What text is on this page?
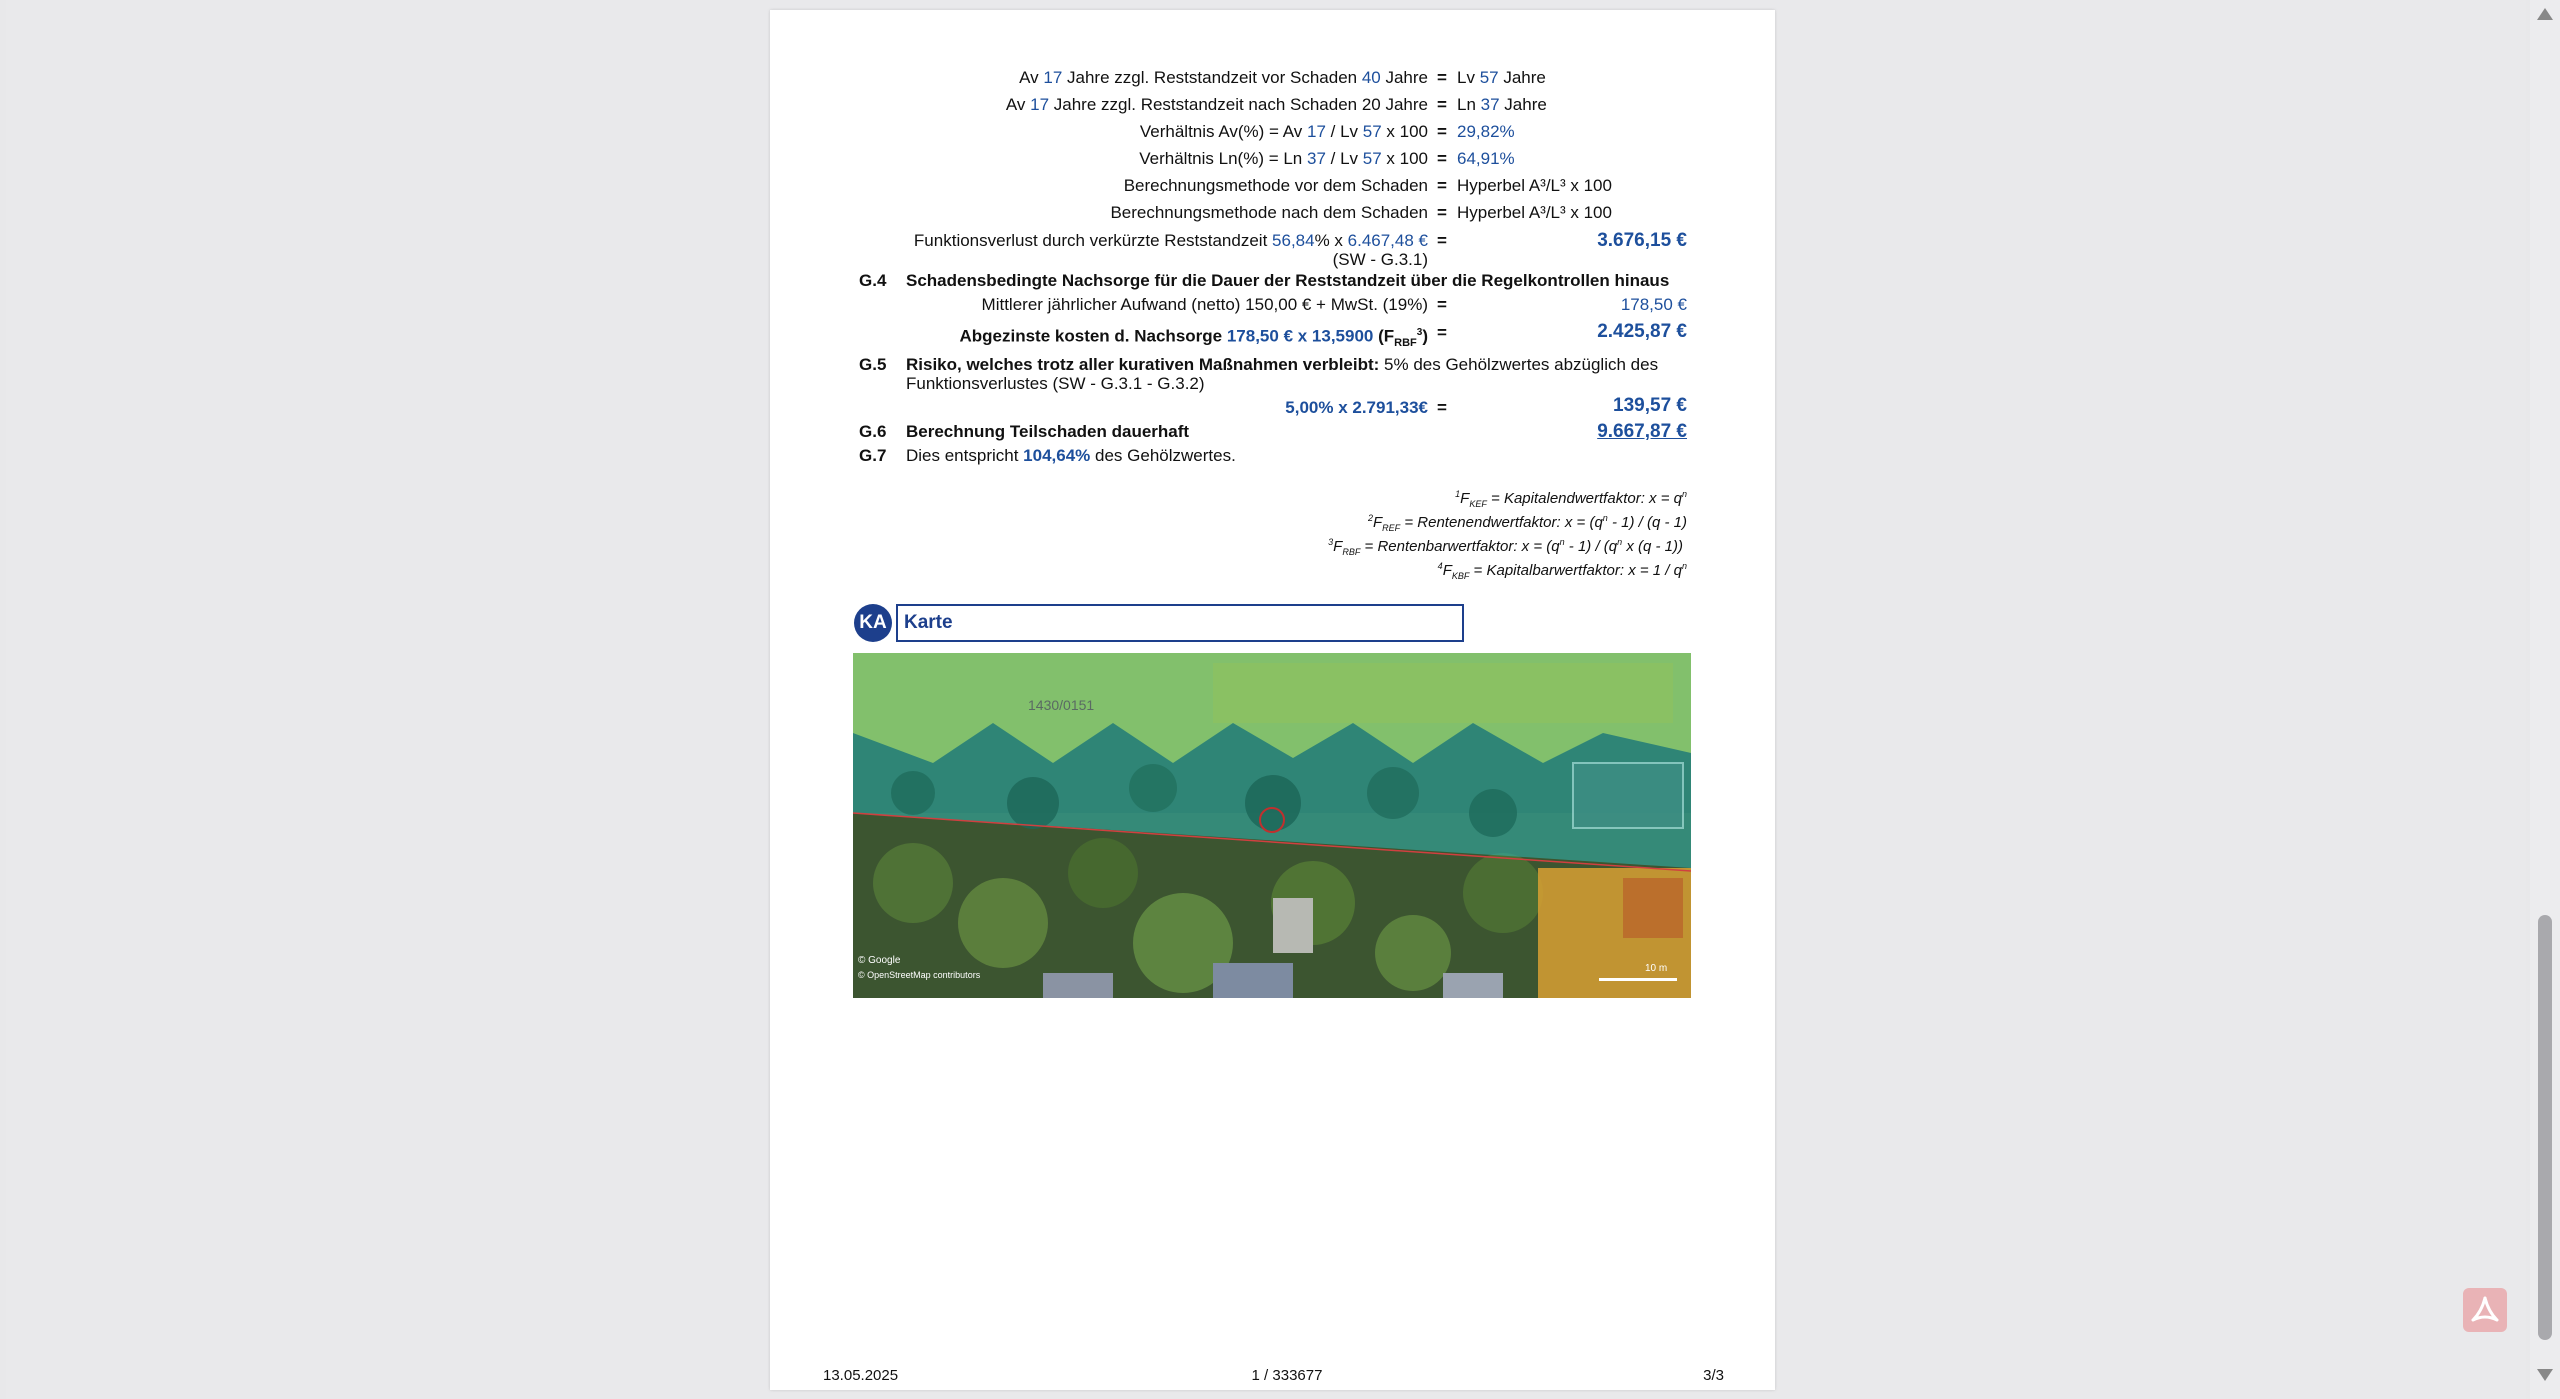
Av 17 Jahre zzgl. Reststandzeit vor Schaden 40 Jahre = Lv 57 Jahre
Av 17 Jahre zzgl. Reststandzeit nach Schaden 20 Jahre = Ln 37 Jahre
Verhältnis Av(%) = Av 17 / Lv 57 x 100 = 29,82%
Verhältnis Ln(%) = Ln 37 / Lv 57 x 100 = 64,91%
Berechnungsmethode vor dem Schaden = Hyperbel A³/L³ x 100
Berechnungsmethode nach dem Schaden = Hyperbel A³/L³ x 100
Funktionsverlust durch verkürzte Reststandzeit 56,84% x 6.467,48 €
(SW - G.3.1)
=	3.676,15 €
G.4 Schadensbedingte Nachsorge für die Dauer der Reststandzeit über die Regelkontrollen hinaus
Mittlerer jährlicher Aufwand (netto) 150,00 € + MwSt. (19%) =	178,50 €
Abgezinste kosten d. Nachsorge 178,50 € x 13,5900 $(F_{RBF}^3)$ =	2.425,87 €
G.5 Risiko, welches trotz aller kurativen Maßnahmen verbleibt: 5% des Gehölzwertes abzüglich des
Funktionsverlustes (SW - G.3.1 - G.3.2)
5,00% x 2.791,33€ =	139,57 €
G.6 Berechnung Teilschaden dauerhaft	9.667,87 €
G.7 Dies entspricht 104,64% des Gehölzwertes.
$^1F_{KEF}$ = Kapitalendwertfaktor: $x = q^n$
$^2F_{REF}$ = Rentenendwertfaktor: $x = (q^n - 1) / (q - 1)$
$^3F_{RBF}$ = Rentenbarwertfaktor: $x = (q^n - 1) / (q^n$ x (q - 1))
$^4F_{KBF}$ = Kapitalbarwertfaktor: $x = 1 / q^n$
KA Karte
1430/0151
© Google
© OpenStreetMap contributors
10 m
13.05.2025	1 / 333677	3/3
